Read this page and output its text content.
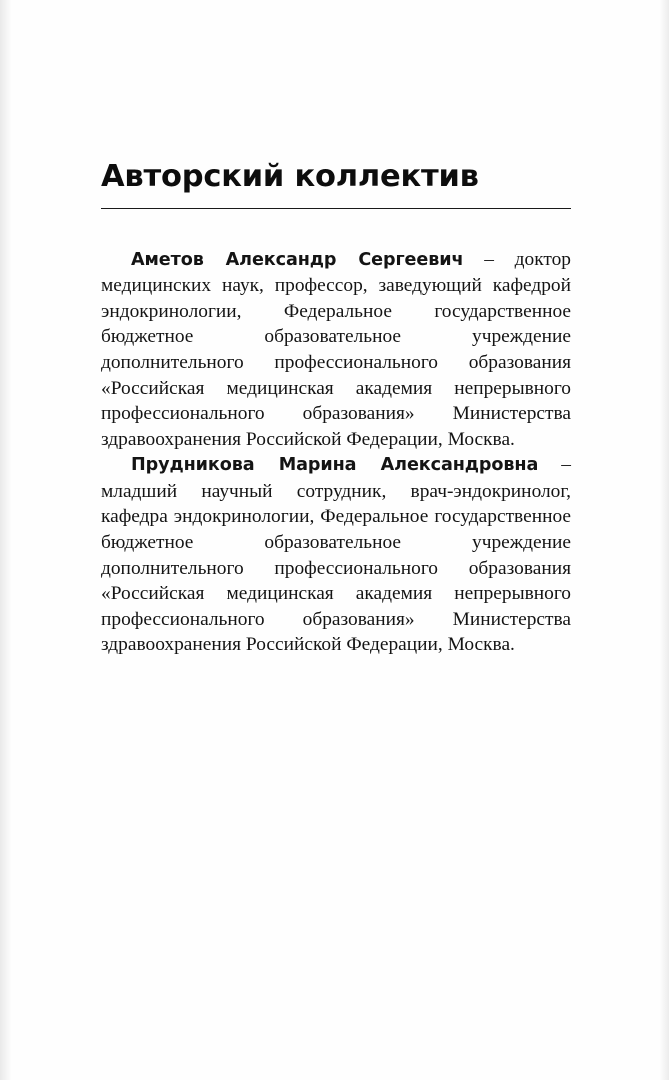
Авторский коллектив

Аметов Александр Сергеевич – доктор медицинских наук, профессор, заведующий кафедрой эндокринологии, Федеральное государственное бюджетное образовательное учреждение дополнительного профессионального образования «Российская медицинская академия непрерывного профессионального образования» Министерства здравоохранения Российской Федерации, Москва.

Прудникова Марина Александровна – младший научный сотрудник, врач-эндокринолог, кафедра эндокринологии, Федеральное государственное бюджетное образовательное учреждение дополнительного профессионального образования «Российская медицинская академия непрерывного профессионального образования» Министерства здравоохранения Российской Федерации, Москва.
